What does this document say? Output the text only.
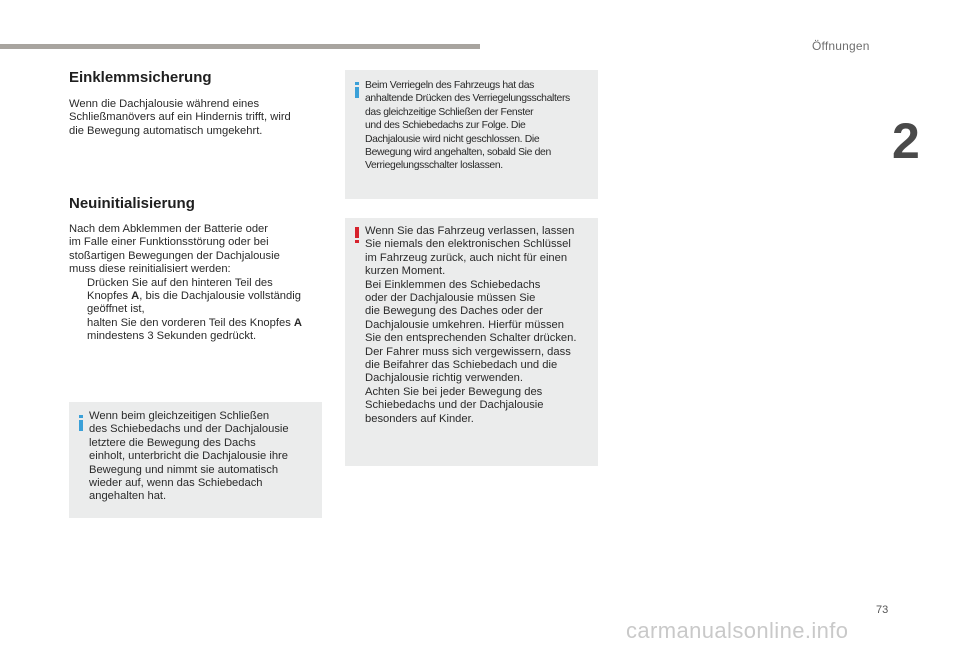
Öffnungen
2
Einklemmsicherung
Wenn die Dachjalousie während eines
Schließmanövers auf ein Hindernis trifft, wird
die Bewegung automatisch umgekehrt.
Neuinitialisierung
Nach dem Abklemmen der Batterie oder
im Falle einer Funktionsstörung oder bei
stoßartigen Bewegungen der Dachjalousie
muss diese reinitialisiert werden:
Drücken Sie auf den hinteren Teil des
Knopfes A, bis die Dachjalousie vollständig
geöffnet ist,
halten Sie den vorderen Teil des Knopfes A
mindestens 3 Sekunden gedrückt.
Wenn beim gleichzeitigen Schließen
des Schiebedachs und der Dachjalousie
letztere die Bewegung des Dachs
einholt, unterbricht die Dachjalousie ihre
Bewegung und nimmt sie automatisch
wieder auf, wenn das Schiebedach
angehalten hat.
Beim Verriegeln des Fahrzeugs hat das
anhaltende Drücken des Verriegelungsschalters
das gleichzeitige Schließen der Fenster
und des Schiebedachs zur Folge. Die
Dachjalousie wird nicht geschlossen. Die
Bewegung wird angehalten, sobald Sie den
Verriegelungsschalter loslassen.
Wenn Sie das Fahrzeug verlassen, lassen
Sie niemals den elektronischen Schlüssel
im Fahrzeug zurück, auch nicht für einen
kurzen Moment.
Bei Einklemmen des Schiebedachs
oder der Dachjalousie müssen Sie
die Bewegung des Daches oder der
Dachjalousie umkehren. Hierfür müssen
Sie den entsprechenden Schalter drücken.
Der Fahrer muss sich vergewissern, dass
die Beifahrer das Schiebedach und die
Dachjalousie richtig verwenden.
Achten Sie bei jeder Bewegung des
Schiebedachs und der Dachjalousie
besonders auf Kinder.
73
carmanualsonline.info
